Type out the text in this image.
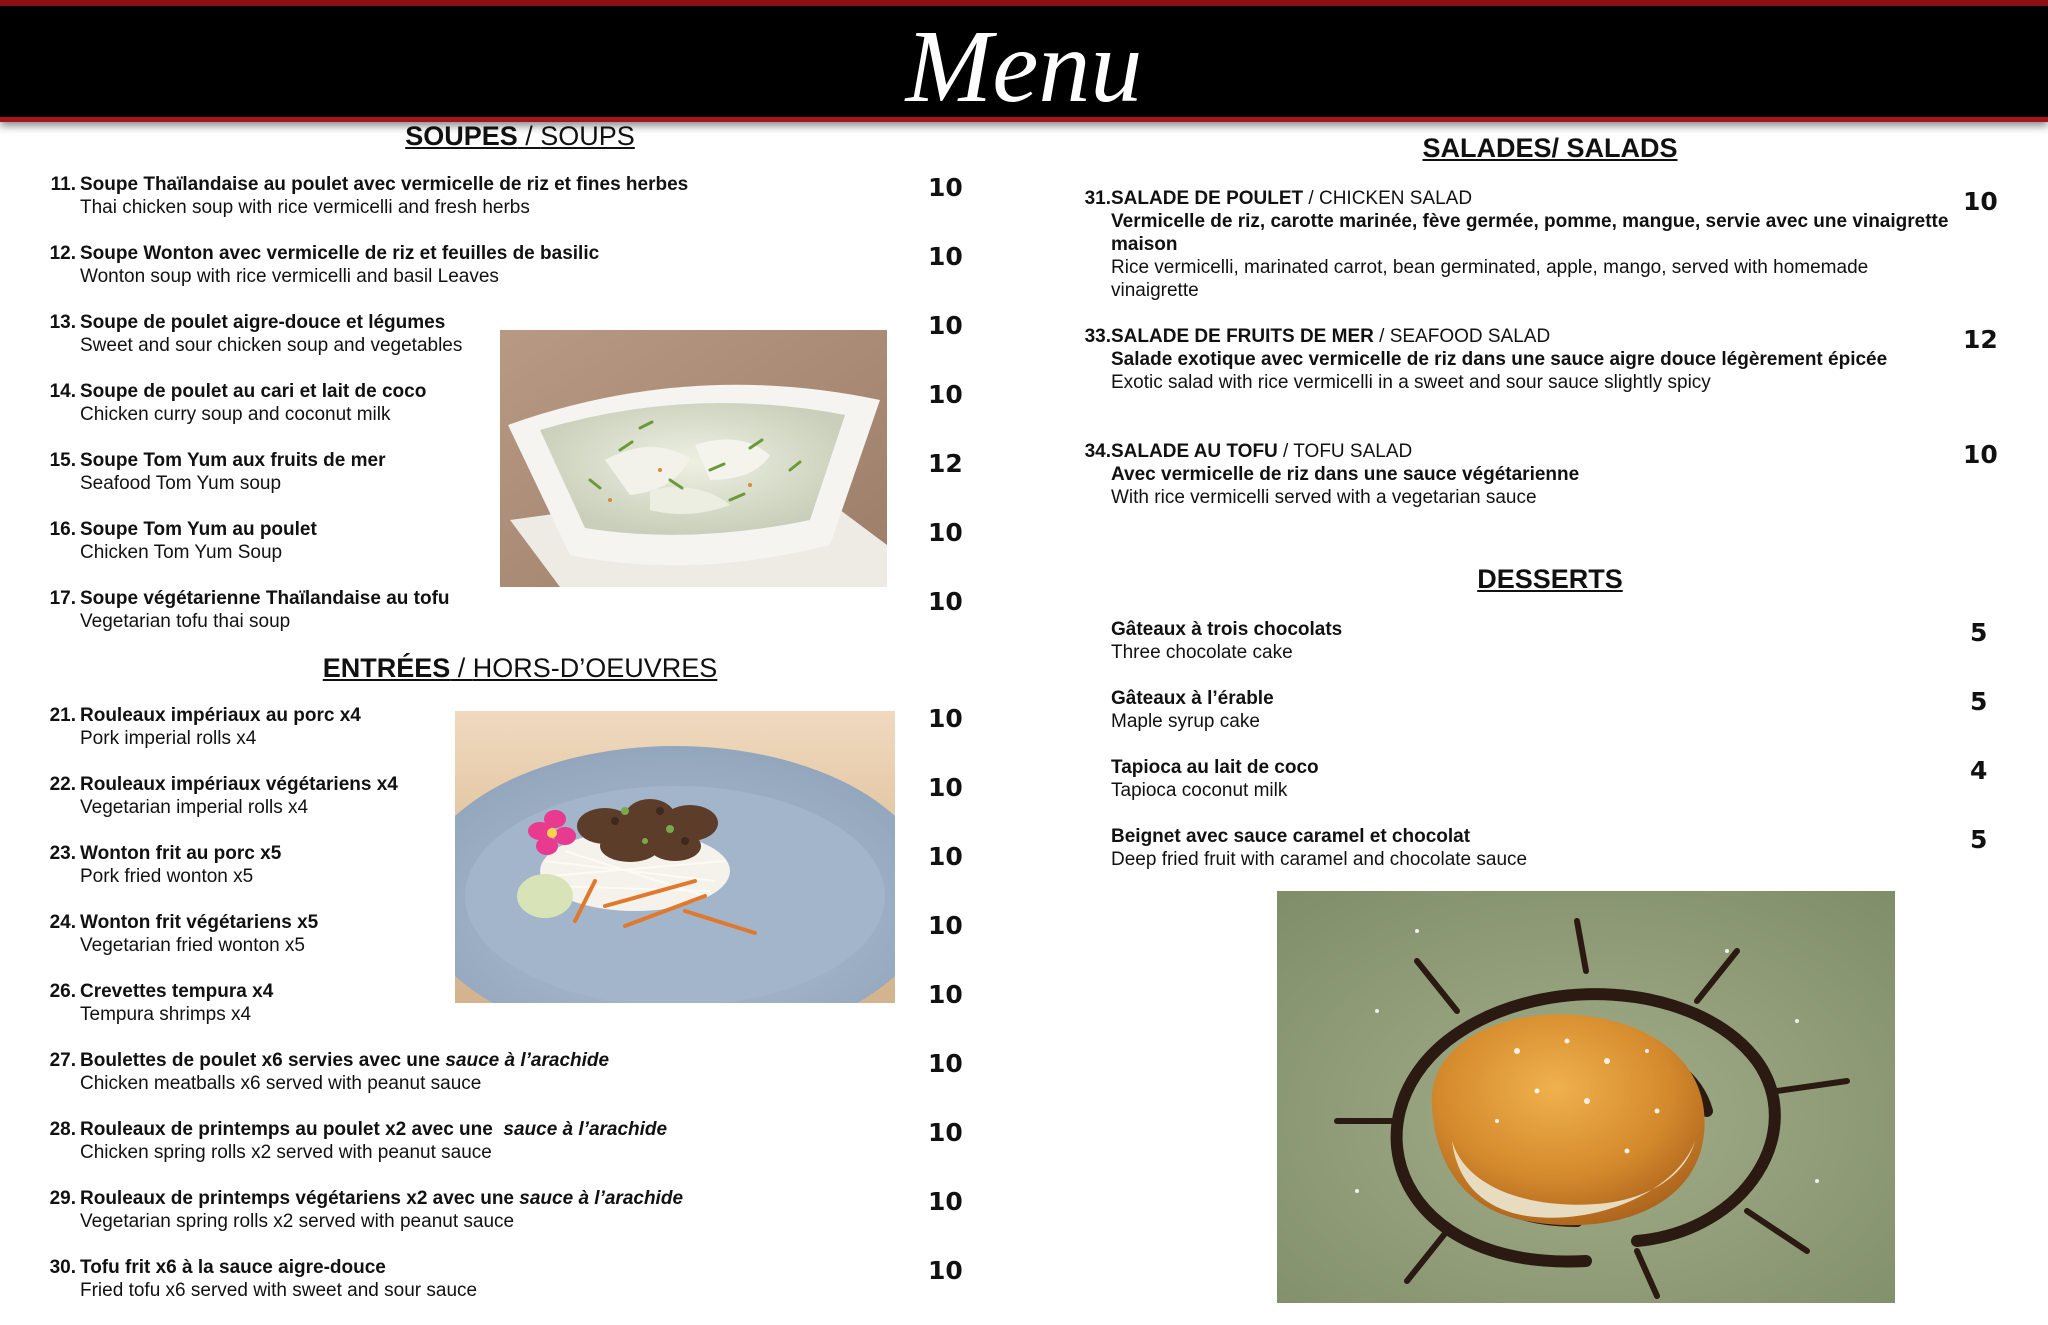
Menu
SOUPES / SOUPS
11. Soupe Thaïlandaise au poulet avec vermicelle de riz et fines herbes
Thai chicken soup with rice vermicelli and fresh herbs
10
12. Soupe Wonton avec vermicelle de riz et feuilles de basilic
Wonton soup with rice vermicelli and basil Leaves
10
13. Soupe de poulet aigre-douce et légumes
Sweet and sour chicken soup and vegetables
10
14. Soupe de poulet au cari et lait de coco
Chicken curry soup and coconut milk
10
15. Soupe Tom Yum aux fruits de mer
Seafood Tom Yum soup
12
16. Soupe Tom Yum au poulet
Chicken Tom Yum Soup
10
17. Soupe végétarienne Thaïlandaise au tofu
Vegetarian tofu thai soup
10
ENTRÉES / HORS-D’OEUVRES
21. Rouleaux impériaux au porc x4
Pork imperial rolls x4
10
22. Rouleaux impériaux végétariens x4
Vegetarian imperial rolls x4
10
23. Wonton frit au porc x5
Pork fried wonton x5
10
24. Wonton frit végétariens x5
Vegetarian fried wonton x5
10
26. Crevettes tempura x4
Tempura shrimps x4
10
27. Boulettes de poulet x6 servies avec une sauce à l’arachide
Chicken meatballs x6 served with peanut sauce
10
28. Rouleaux de printemps au poulet x2 avec une  sauce à l’arachide
Chicken spring rolls x2 served with peanut sauce
10
29. Rouleaux de printemps végétariens x2 avec une sauce à l’arachide
Vegetarian spring rolls x2 served with peanut sauce
10
30. Tofu frit x6 à la sauce aigre-douce
Fried tofu x6 served with sweet and sour sauce
10
SALADES/ SALADS
31. SALADE DE POULET / CHICKEN SALAD
Vermicelle de riz, carotte marinée, fève germée, pomme, mangue, servie avec une vinaigrette maison
Rice vermicelli, marinated carrot, bean germinated, apple, mango, served with homemade vinaigrette
10
33. SALADE DE FRUITS DE MER / SEAFOOD SALAD
Salade exotique avec vermicelle de riz dans une sauce aigre douce légèrement épicée
Exotic salad with rice vermicelli in a sweet and sour sauce slightly spicy
12
34. SALADE AU TOFU / TOFU SALAD
Avec vermicelle de riz dans une sauce végétarienne
With rice vermicelli served with a vegetarian sauce
10
DESSERTS
Gâteaux à trois chocolats
Three chocolate cake
5
Gâteaux à l’érable
Maple syrup cake
5
Tapioca au lait de coco
Tapioca coconut milk
4
Beignet avec sauce caramel et chocolat
Deep fried fruit with caramel and chocolate sauce
5
